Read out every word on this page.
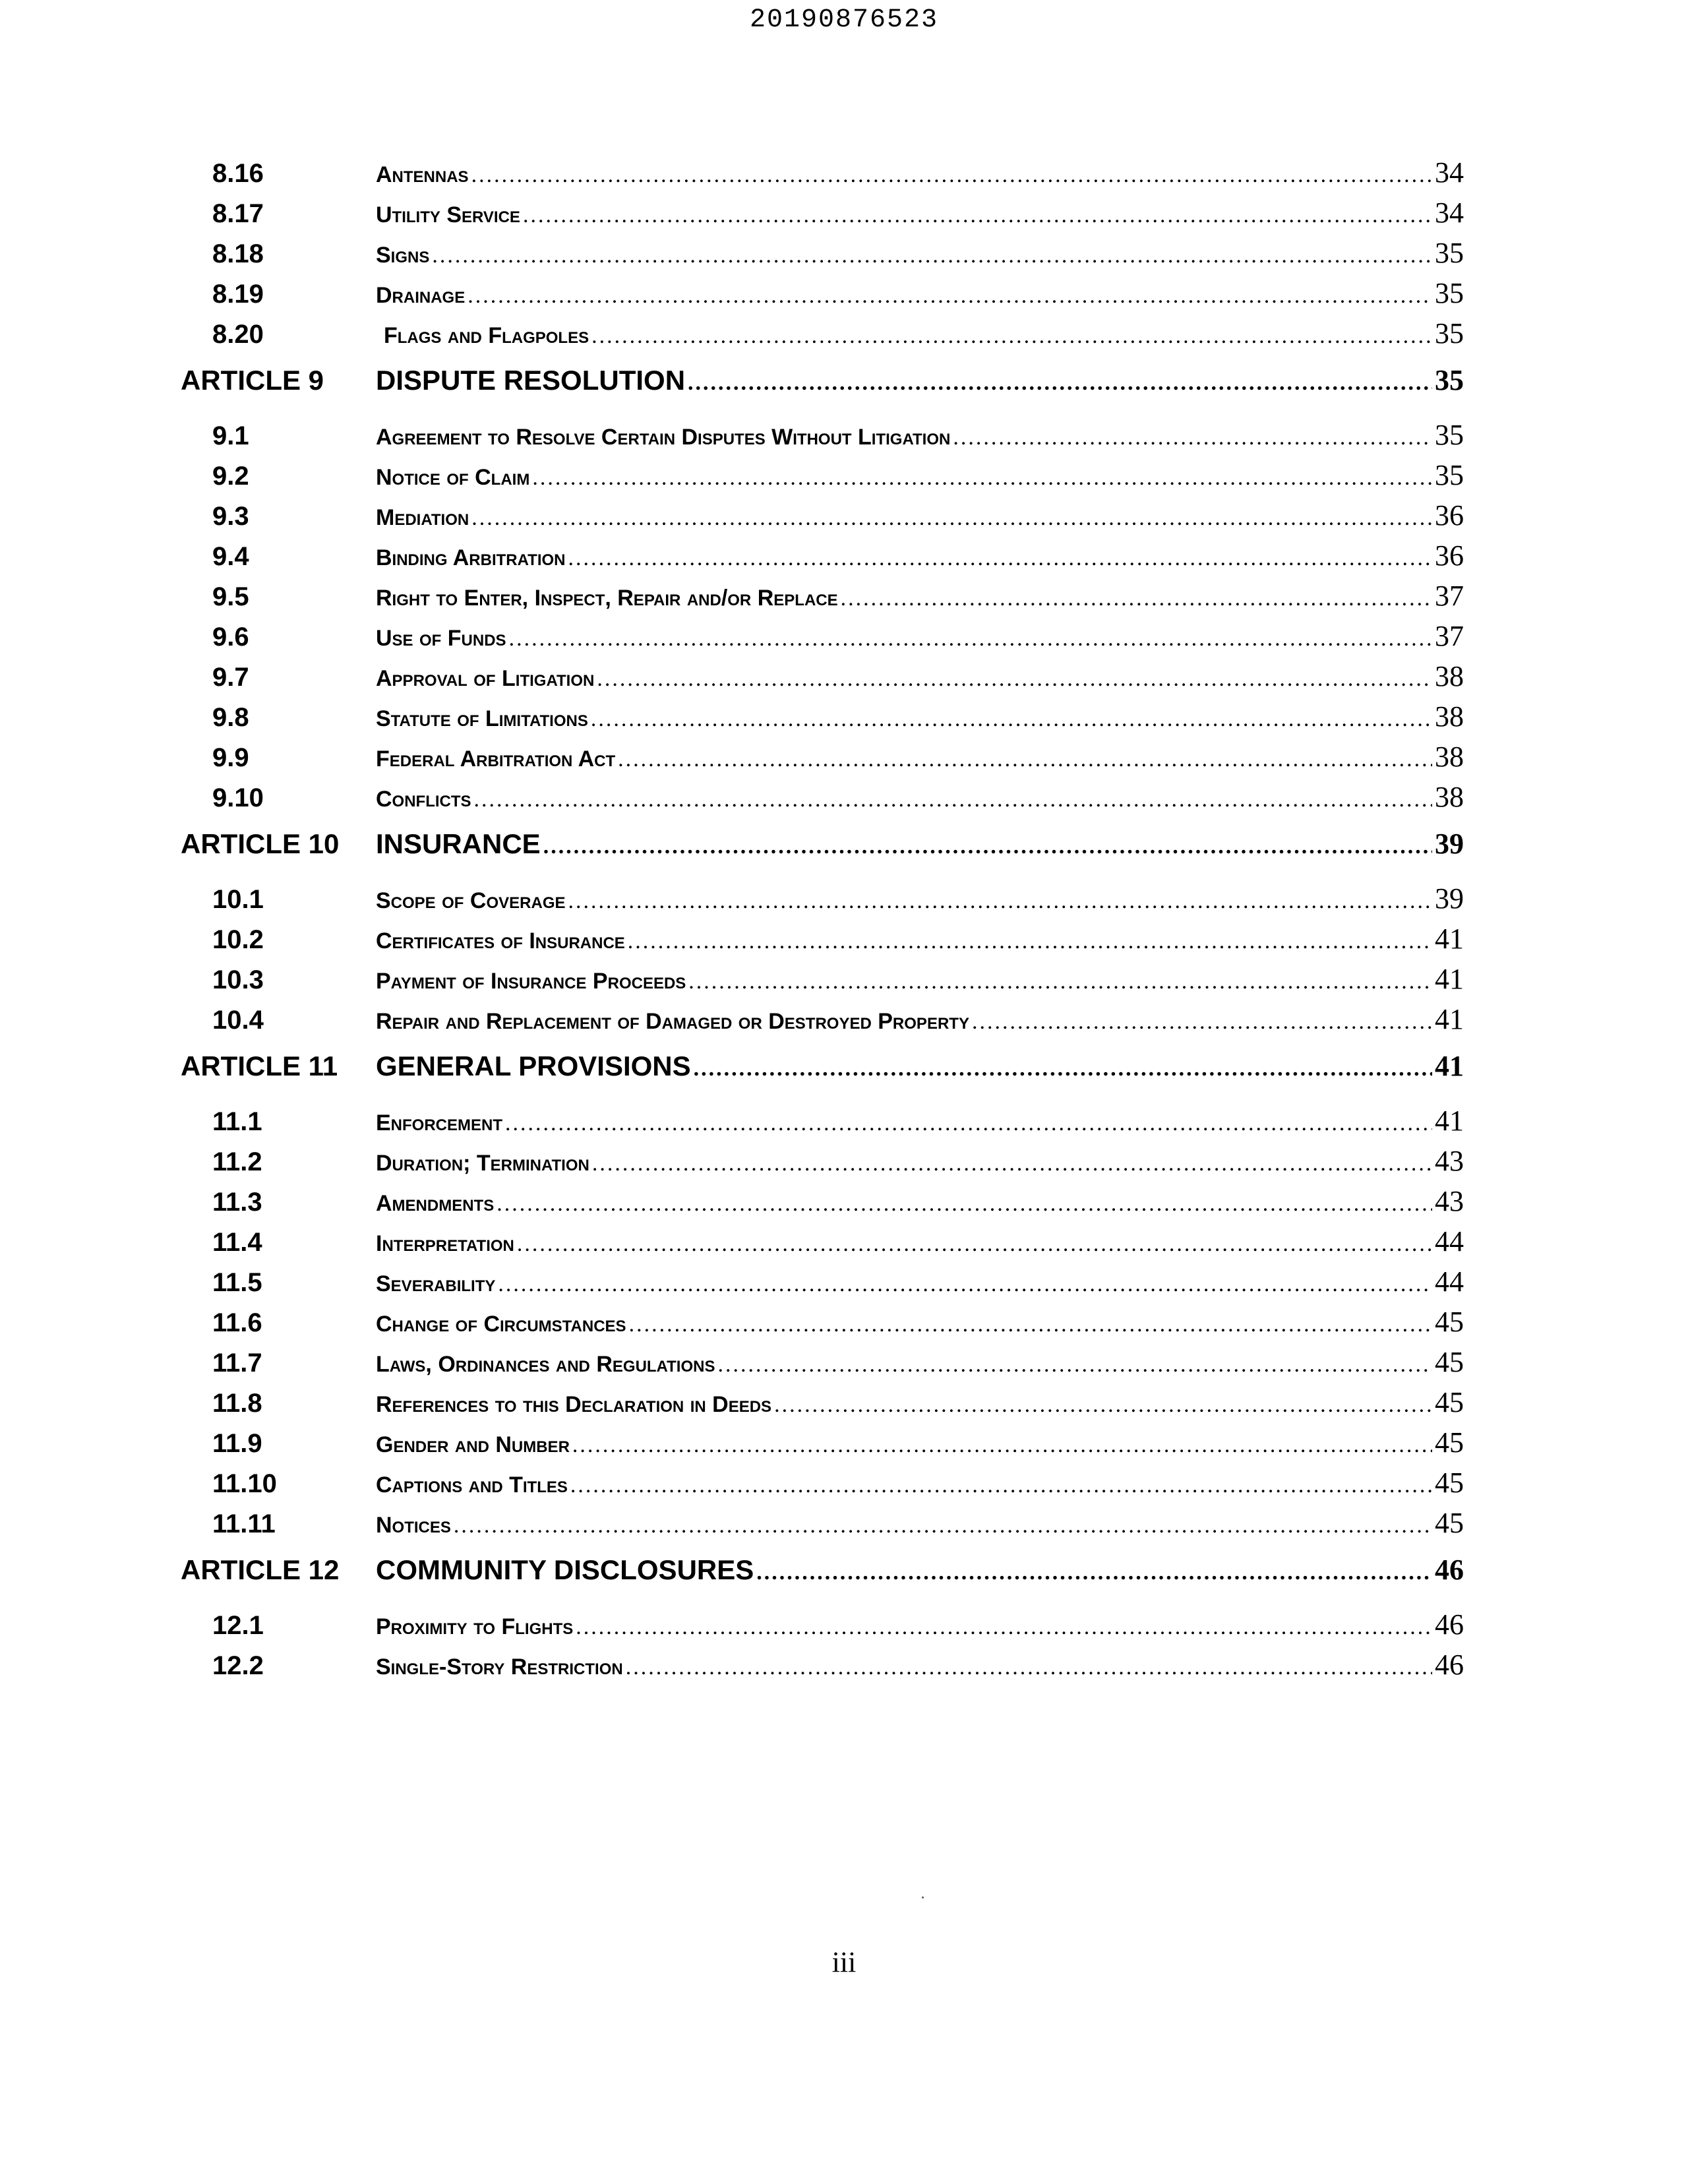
20190876523
8.16	Antennas .....	34
8.17	Utility Service .....	34
8.18	Signs .....	35
8.19	Drainage .....	35
8.20	Flags and Flagpoles .....	35
ARTICLE 9	DISPUTE RESOLUTION .....	35
9.1	Agreement to Resolve Certain Disputes Without Litigation .....	35
9.2	Notice of Claim .....	35
9.3	Mediation .....	36
9.4	Binding Arbitration .....	36
9.5	Right to Enter, Inspect, Repair and/or Replace .....	37
9.6	Use of Funds .....	37
9.7	Approval of Litigation .....	38
9.8	Statute of Limitations .....	38
9.9	Federal Arbitration Act .....	38
9.10	Conflicts .....	38
ARTICLE 10	INSURANCE .....	39
10.1	Scope of Coverage .....	39
10.2	Certificates of Insurance .....	41
10.3	Payment of Insurance Proceeds .....	41
10.4	Repair and Replacement of Damaged or Destroyed Property .....	41
ARTICLE 11	GENERAL PROVISIONS .....	41
11.1	Enforcement .....	41
11.2	Duration; Termination .....	43
11.3	Amendments .....	43
11.4	Interpretation .....	44
11.5	Severability .....	44
11.6	Change of Circumstances .....	45
11.7	Laws, Ordinances and Regulations .....	45
11.8	References to this Declaration in Deeds .....	45
11.9	Gender and Number .....	45
11.10	Captions and Titles .....	45
11.11	Notices .....	45
ARTICLE 12	COMMUNITY DISCLOSURES .....	46
12.1	Proximity to Flights .....	46
12.2	Single-Story Restriction .....	46
iii
